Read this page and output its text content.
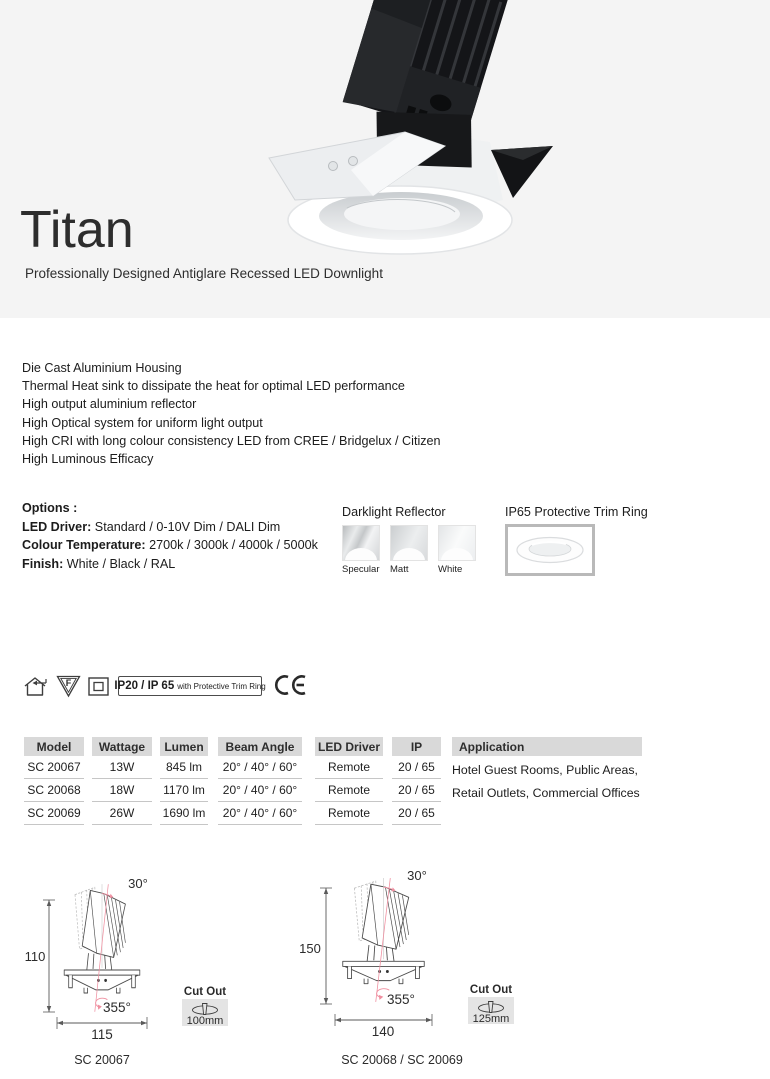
Titan
Professionally Designed Antiglare Recessed LED Downlight
Die Cast Aluminium Housing
Thermal Heat sink to dissipate the heat for optimal LED performance
High output aluminium reflector
High Optical system for uniform light output
High CRI with long colour consistency LED from CREE / Bridgelux / Citizen
High Luminous Efficacy
Options :
LED Driver: Standard / 0-10V Dim / DALI Dim
Colour Temperature: 2700k / 3000k / 4000k / 5000k
Finish: White / Black / RAL
Darklight Reflector
Specular Matt	White
IP65 Protective Trim Ring
F	IP20 / IP 65 with Protective Trim Ring
Model
SC 20067
SC 20068
SC 20069
Wattage
13W
18W
26W
Lumen
845 lm
1170 lm
1690 lm
Beam Angle
20° / 40° / 60°
20° / 40° / 60°
20° / 40° / 60°
LED Driver
Remote
Remote
Remote
IP
20 / 65
20 / 65
20 / 65
Application
Hotel Guest Rooms, Public Areas,
Retail Outlets, Commercial Offices
110
115
30°
355°
Cut Out
100mm
SC 20067
150
140
30°
355°
Cut Out
125mm
SC 20068 / SC 20069
